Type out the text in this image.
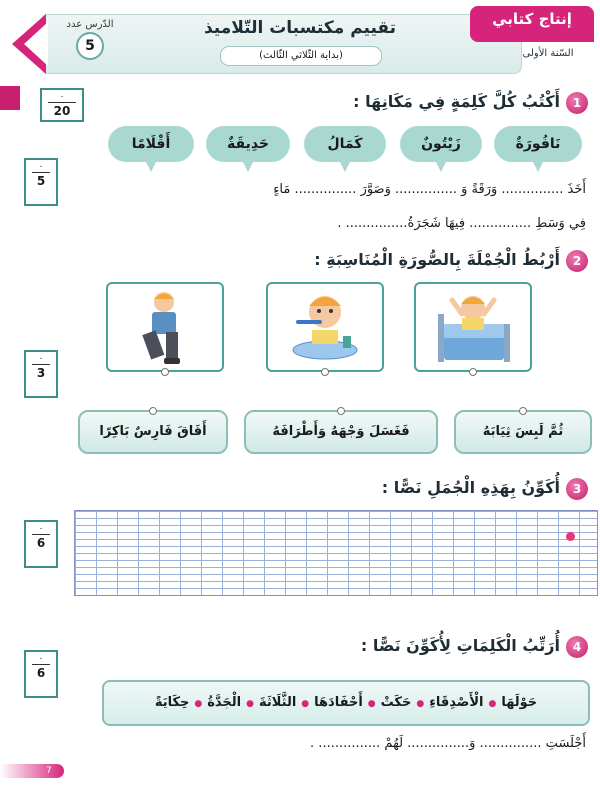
الدّرس عدد
5
تقييم مكتسبات التّلاميذ
(بداية الثّلاثي الثّالث)
إنتاج كتابي
السّنة الأولى
.
20
1
أَكْتُبُ كُلَّ كَلِمَةٍ فِي مَكَانِهَا :
نَافُورَةٌ
زَيْتُونٌ
كَمَالُ
حَدِيقَةٌ
أَقْلَامًا
.
5
أَخَذَ ............... وَرَقَةً وَ ............... وَصَوَّرَ ............... مَاءٍ
فِي وَسَطِ ............... فِيهَا شَجَرَةُ............... .
2
أَرْبُطُ الْجُمْلَةَ بِالصُّورَةِ الْمُنَاسِبَةِ :
.
3
ثُمَّ لَبِسَ ثِيَابَهُ
فَغَسَلَ وَجْهَهُ وَأَطْرَافَهُ
أَفَاقَ فَارِسٌ بَاكِرًا
3
أُكَوِّنُ بِهَذِهِ الْجُمَلِ نَصًّا :
.
6
4
أُرَتِّبُ الْكَلِمَاتِ لِأُكَوِّنَ نَصًّا :
.
6
حَوْلَهَا●الْأَصْدِقَاءِ●حَكَتْ●أَحْفَادَهَا●الثَّلَاثَةَ●الْجَدَّةُ●حِكَايَةً
أَجْلَسَتِ ............... وَ............... لَهُمْ ............... .
7
